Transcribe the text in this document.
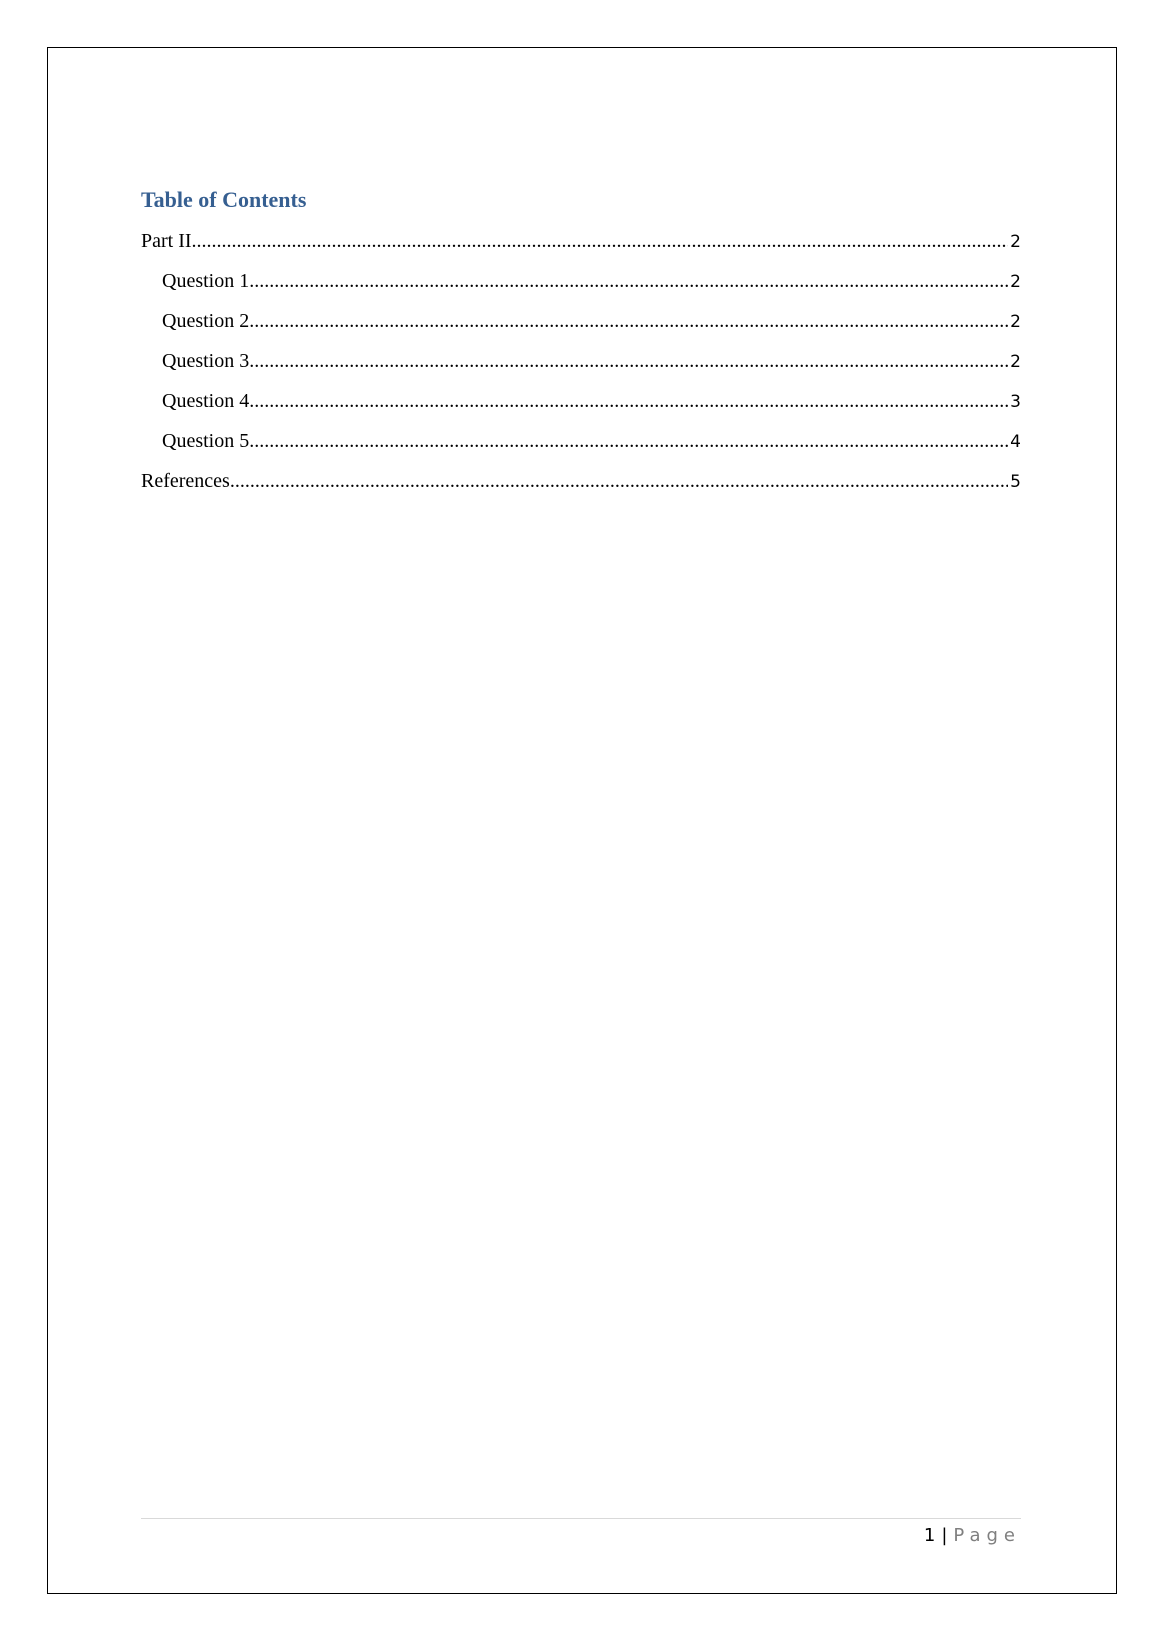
Table of Contents
Part II .....	2
Question 1 .....	2
Question 2 .....	2
Question 3 .....	2
Question 4 .....	3
Question 5 .....	4
References .....	5
1 | Page
